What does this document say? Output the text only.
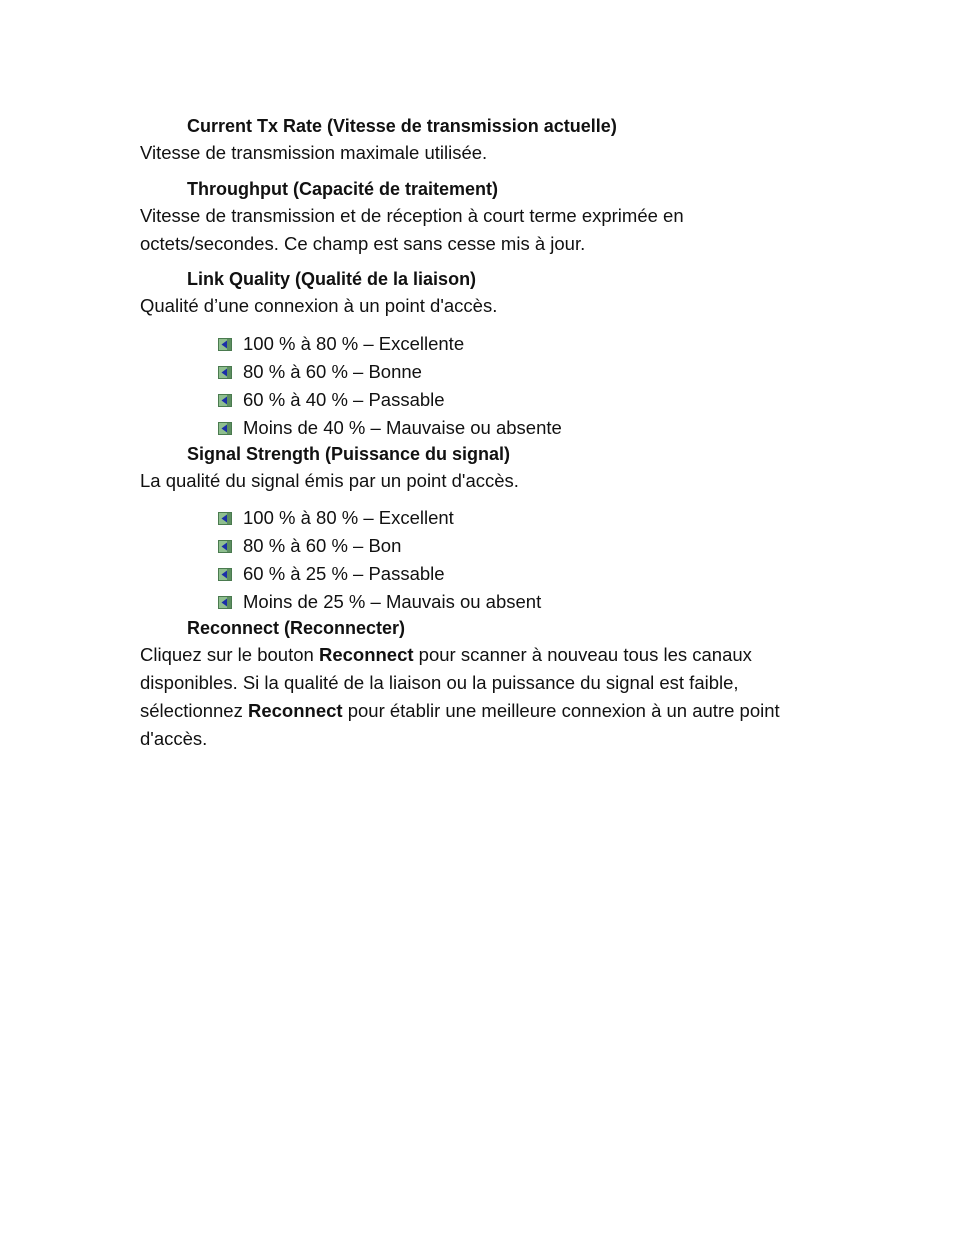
Current Tx Rate (Vitesse de transmission actuelle)
Vitesse de transmission maximale utilisée.
Throughput (Capacité de traitement)
Vitesse de transmission et de réception à court terme exprimée en
octets/secondes. Ce champ est sans cesse mis à jour.
Link Quality (Qualité de la liaison)
Qualité d’une connexion à un point d'accès.
100 % à 80 % – Excellente
80 % à 60 % – Bonne
60 % à 40 % – Passable
Moins de 40 % – Mauvaise ou absente
Signal Strength (Puissance du signal)
La qualité du signal émis par un point d'accès.
100 % à 80 % – Excellent
80 % à 60 % – Bon
60 % à 25 % – Passable
Moins de 25 % – Mauvais ou absent
Reconnect (Reconnecter)
Cliquez sur le bouton Reconnect pour scanner à nouveau tous les canaux
disponibles. Si la qualité de la liaison ou la puissance du signal est faible,
sélectionnez Reconnect pour établir une meilleure connexion à un autre point
d'accès.
